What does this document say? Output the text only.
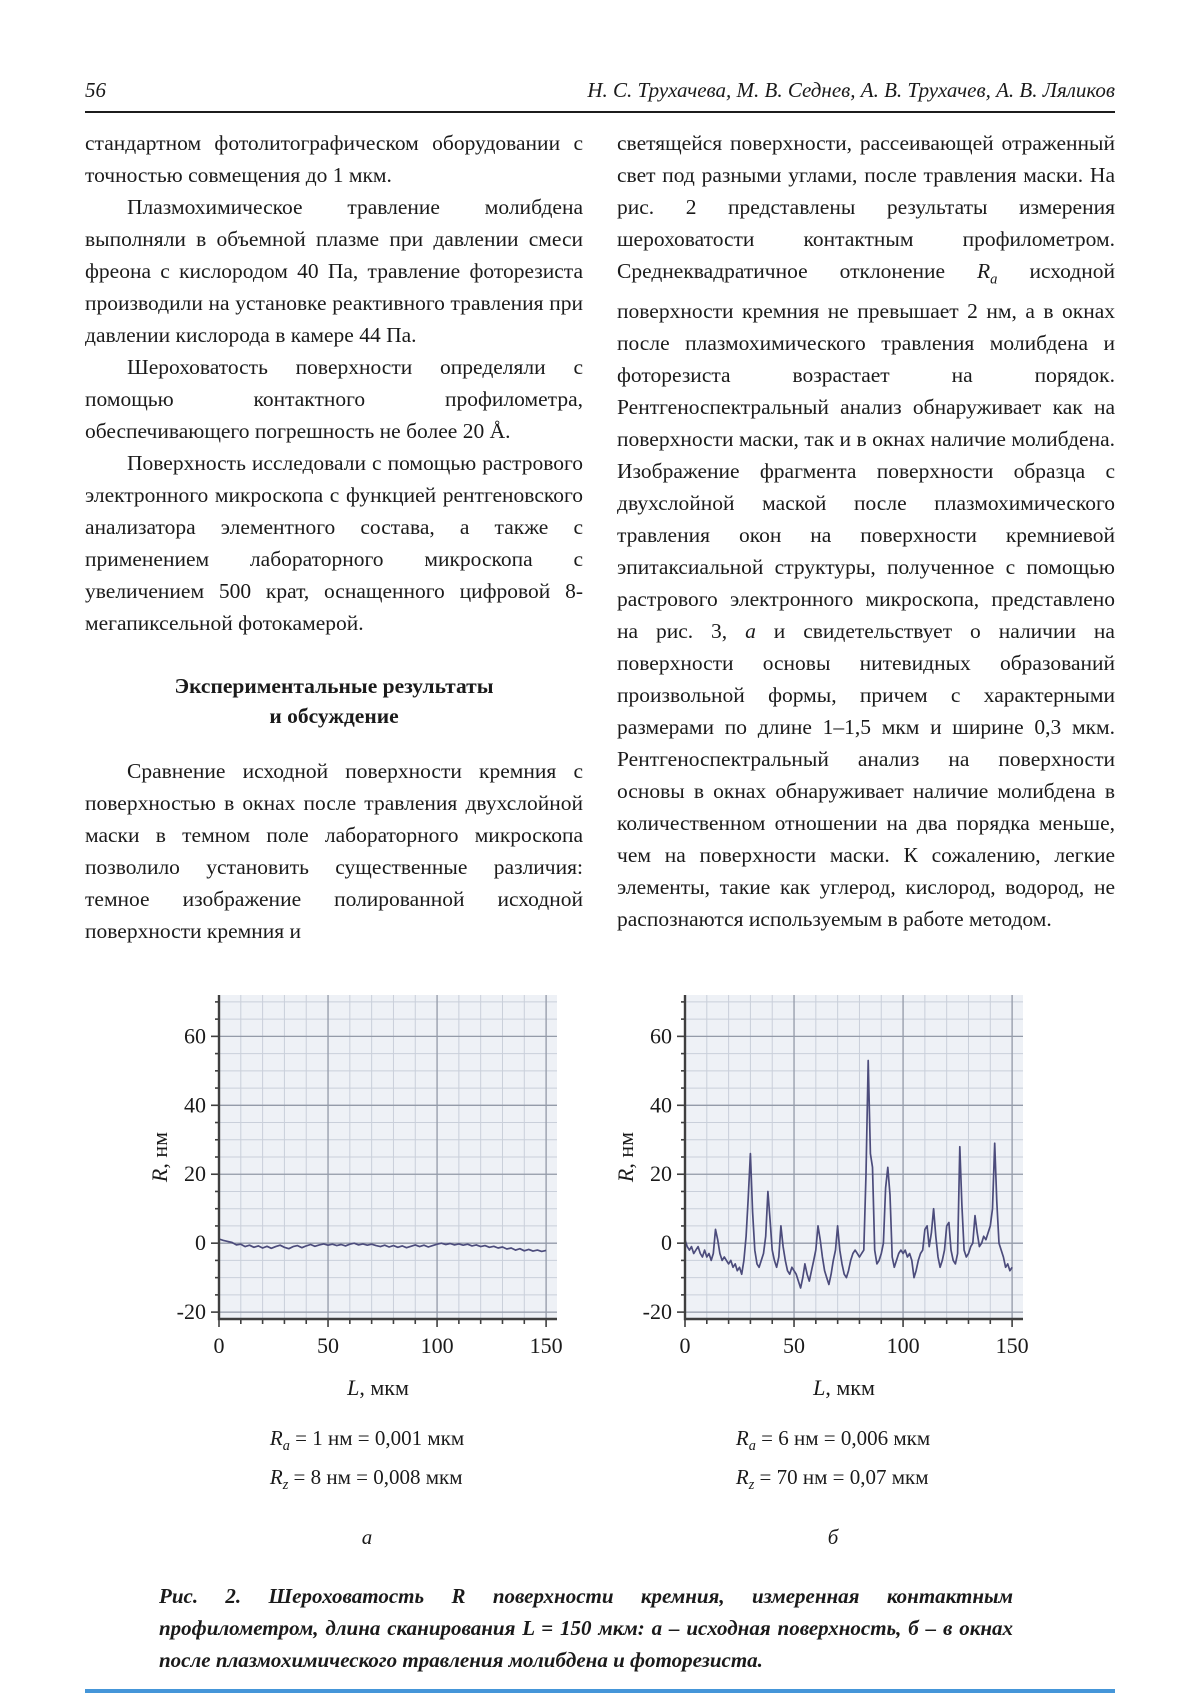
56	Н. С. Трухачева, М. В. Седнев, А. В. Трухачев, А. В. Ляликов

стандартном фотолитографическом оборудовании с точностью совмещения до 1 мкм.

Плазмохимическое травление молибдена выполняли в объемной плазме при давлении смеси фреона с кислородом 40 Па, травление фоторезиста производили на установке реактивного травления при давлении кислорода в камере 44 Па.

Шероховатость поверхности определяли с помощью контактного профилометра, обеспечивающего погрешность не более 20 Å.

Поверхность исследовали с помощью растрового электронного микроскопа с функцией рентгеновского анализатора элементного состава, а также с применением лабораторного микроскопа с увеличением 500 крат, оснащенного цифровой 8-мегапиксельной фотокамерой.

Экспериментальные результаты
и обсуждение

Сравнение исходной поверхности кремния с поверхностью в окнах после травления двухслойной маски в темном поле лабораторного микроскопа позволило установить существенные различия: темное изображение полированной исходной поверхности кремния и

светящейся поверхности, рассеивающей отраженный свет под разными углами, после травления маски. На рис. 2 представлены результаты измерения шероховатости контактным профилометром. Среднеквадратичное отклонение $R_a$ исходной поверхности кремния не превышает 2 нм, а в окнах после плазмохимического травления молибдена и фоторезиста возрастает на порядок. Рентгеноспектральный анализ обнаруживает как на поверхности маски, так и в окнах наличие молибдена. Изображение фрагмента поверхности образца с двухслойной маской после плазмохимического травления окон на поверхности кремниевой эпитаксиальной структуры, полученное с помощью растрового электронного микроскопа, представлено на рис. 3, а и свидетельствует о наличии на поверхности основы нитевидных образований произвольной формы, причем с характерными размерами по длине 1–1,5 мкм и ширине 0,3 мкм. Рентгеноспектральный анализ на поверхности основы в окнах обнаруживает наличие молибдена в количественном отношении на два порядка меньше, чем на поверхности маски. К сожалению, легкие элементы, такие как углерод, кислород, водород, не распознаются используемым в работе методом.

-20
0
20
40
60
0	50	100	150
R, нм
L, мкм
$R_a = 1$ нм = 0,001 мкм
$R_z = 8$ нм = 0,008 мкм
а
-20
0
20
40
60
0	50	100	150
R, нм
L, мкм
$R_a = 6$ нм = 0,006 мкм
$R_z = 70$ нм = 0,07 мкм
б
Рис. 2. Шероховатость R поверхности кремния, измеренная контактным профилометром, длина сканирования L = 150 мкм: а – исходная поверхность, б – в окнах после плазмохимического травления молибдена и фоторезиста.
